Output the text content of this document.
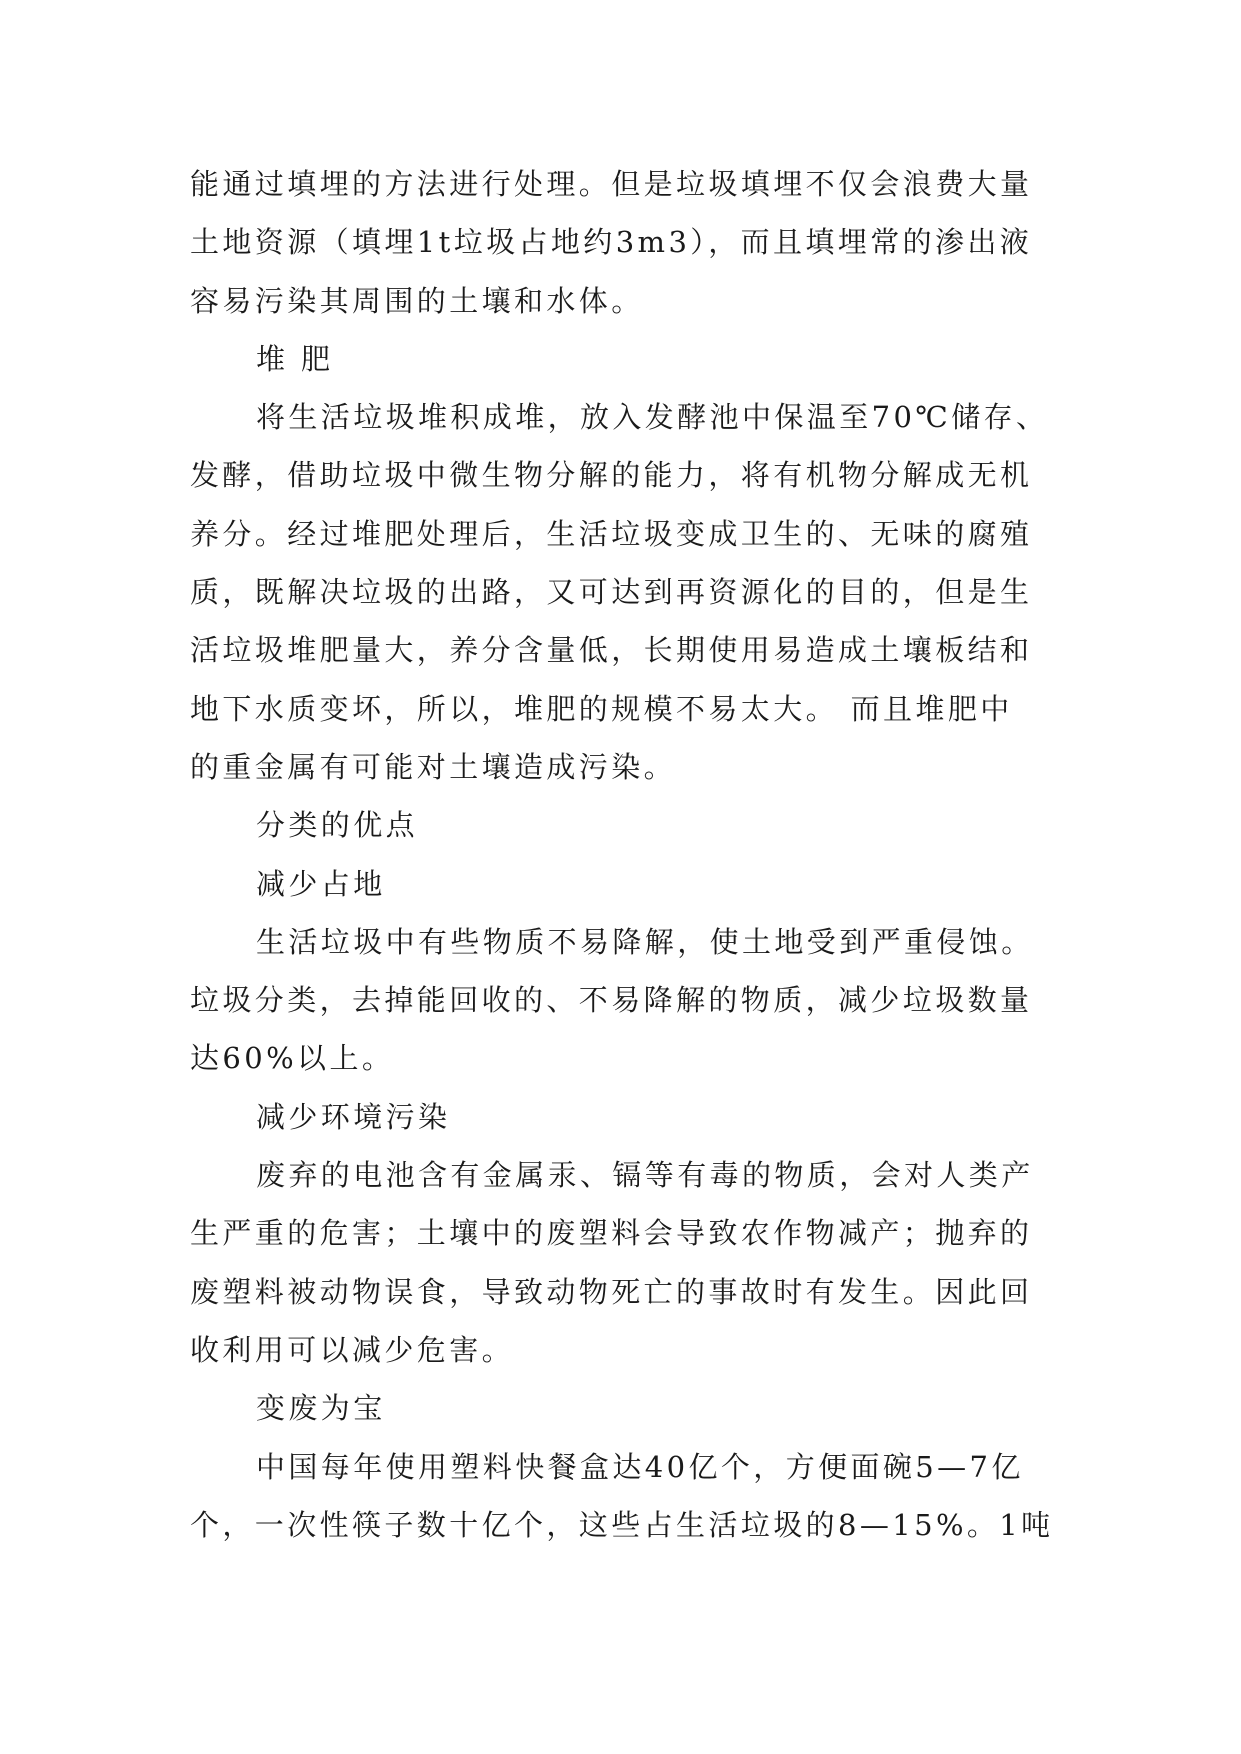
能通过填埋的方法进行处理。但是垃圾填埋不仅会浪费大量
土地资源（填埋1t垃圾占地约3m3），而且填埋常的渗出液
容易污染其周围的土壤和水体。
堆 肥
将生活垃圾堆积成堆，放入发酵池中保温至70℃储存、
发酵，借助垃圾中微生物分解的能力，将有机物分解成无机
养分。经过堆肥处理后，生活垃圾变成卫生的、无味的腐殖
质，既解决垃圾的出路，又可达到再资源化的目的，但是生
活垃圾堆肥量大，养分含量低，长期使用易造成土壤板结和
地下水质变坏，所以，堆肥的规模不易太大。 而且堆肥中
的重金属有可能对土壤造成污染。
分类的优点
减少占地
生活垃圾中有些物质不易降解，使土地受到严重侵蚀。
垃圾分类，去掉能回收的、不易降解的物质，减少垃圾数量
达60%以上。
减少环境污染
废弃的电池含有金属汞、镉等有毒的物质，会对人类产
生严重的危害；土壤中的废塑料会导致农作物减产；抛弃的
废塑料被动物误食，导致动物死亡的事故时有发生。因此回
收利用可以减少危害。
变废为宝
中国每年使用塑料快餐盒达40亿个，方便面碗5—7亿
个，一次性筷子数十亿个，这些占生活垃圾的8—15%。1吨
